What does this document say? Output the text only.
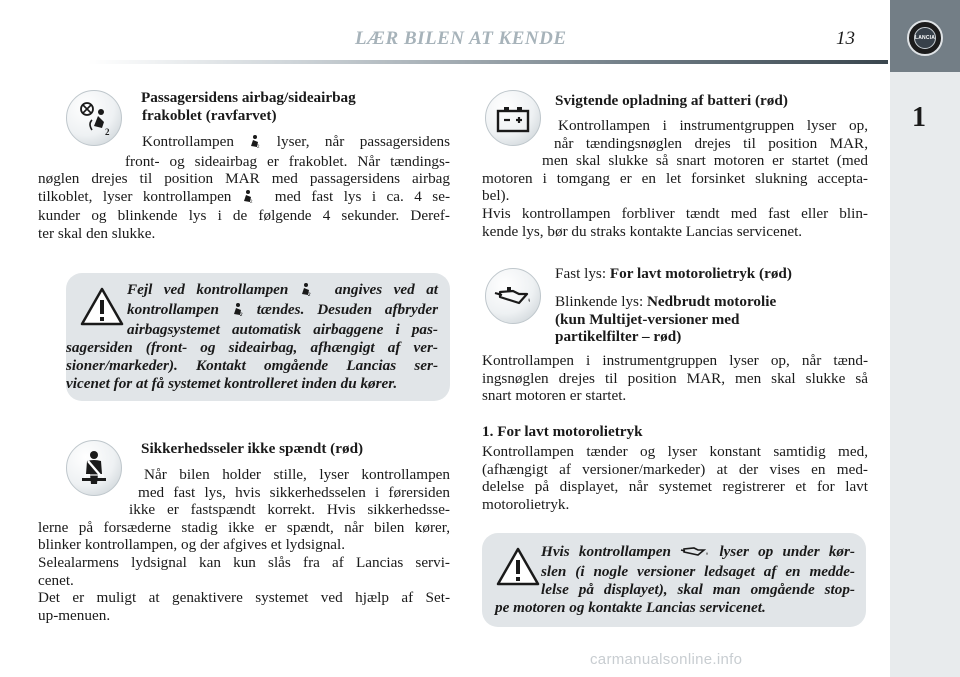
LÆR BILEN AT KENDE	13	LANCIA
1
2
Passagersidens airbag/sideairbag
frakoblet (ravfarvet)
Kontrollampen	2 lyser, når passagersidens
front- og sideairbag er frakoblet. Når tændings-
nøglen drejes til position MAR med passagersidens airbag
tilkoblet, lyser kontrollampen	2 med fast lys i ca. 4 se-
kunder og blinkende lys i de følgende 4 sekunder. Deref-
ter skal den slukke.
Fejl ved kontrollampen	2 angives ved at
kontrollampen	2 tændes. Desuden afbryder
airbagsystemet automatisk airbaggene i pas-
sagersiden (front- og sideairbag, afhængigt af ver-
sioner/markeder). Kontakt omgående Lancias ser-
vicenet for at få systemet kontrolleret inden du kører.
Sikkerhedsseler ikke spændt (rød)
Når bilen holder stille, lyser kontrollampen
med fast lys, hvis sikkerhedsselen i førersiden
ikke er fastspændt korrekt. Hvis sikkerhedsse-
lerne på forsæderne stadig ikke er spændt, når bilen kører,
blinker kontrollampen, og der afgives et lydsignal.
Selealarmens lydsignal kan kun slås fra af Lancias servi-
cenet.
Det er muligt at genaktivere systemet ved hjælp af Set-
up-menuen.
Svigtende opladning af batteri (rød)
Kontrollampen i instrumentgruppen lyser op,
når tændingsnøglen drejes til position MAR,
men skal slukke så snart motoren er startet (med
motoren i tomgang er en let forsinket slukning accepta-
bel).
Hvis kontrollampen forbliver tændt med fast eller blin-
kende lys, bør du straks kontakte Lancias servicenet.
Fast lys: For lavt motorolietryk (rød)
Blinkende lys: Nedbrudt motorolie
(kun Multijet-versioner med
partikelfilter – rød)
Kontrollampen i instrumentgruppen lyser op, når tænd-
ingsnøglen drejes til position MAR, men skal slukke så
snart motoren er startet.
1. For lavt motorolietryk
Kontrollampen tænder og lyser konstant samtidig med,
(afhængigt af versioner/markeder) at der vises en med-
delelse på displayet, når systemet registrerer et for lavt
motorolietryk.
Hvis kontrollampen	lyser op under kør-
slen (i nogle versioner ledsaget af en medde-
lelse på displayet), skal man omgående stop-
pe motoren og kontakte Lancias servicenet.
carmanualsonline.info
